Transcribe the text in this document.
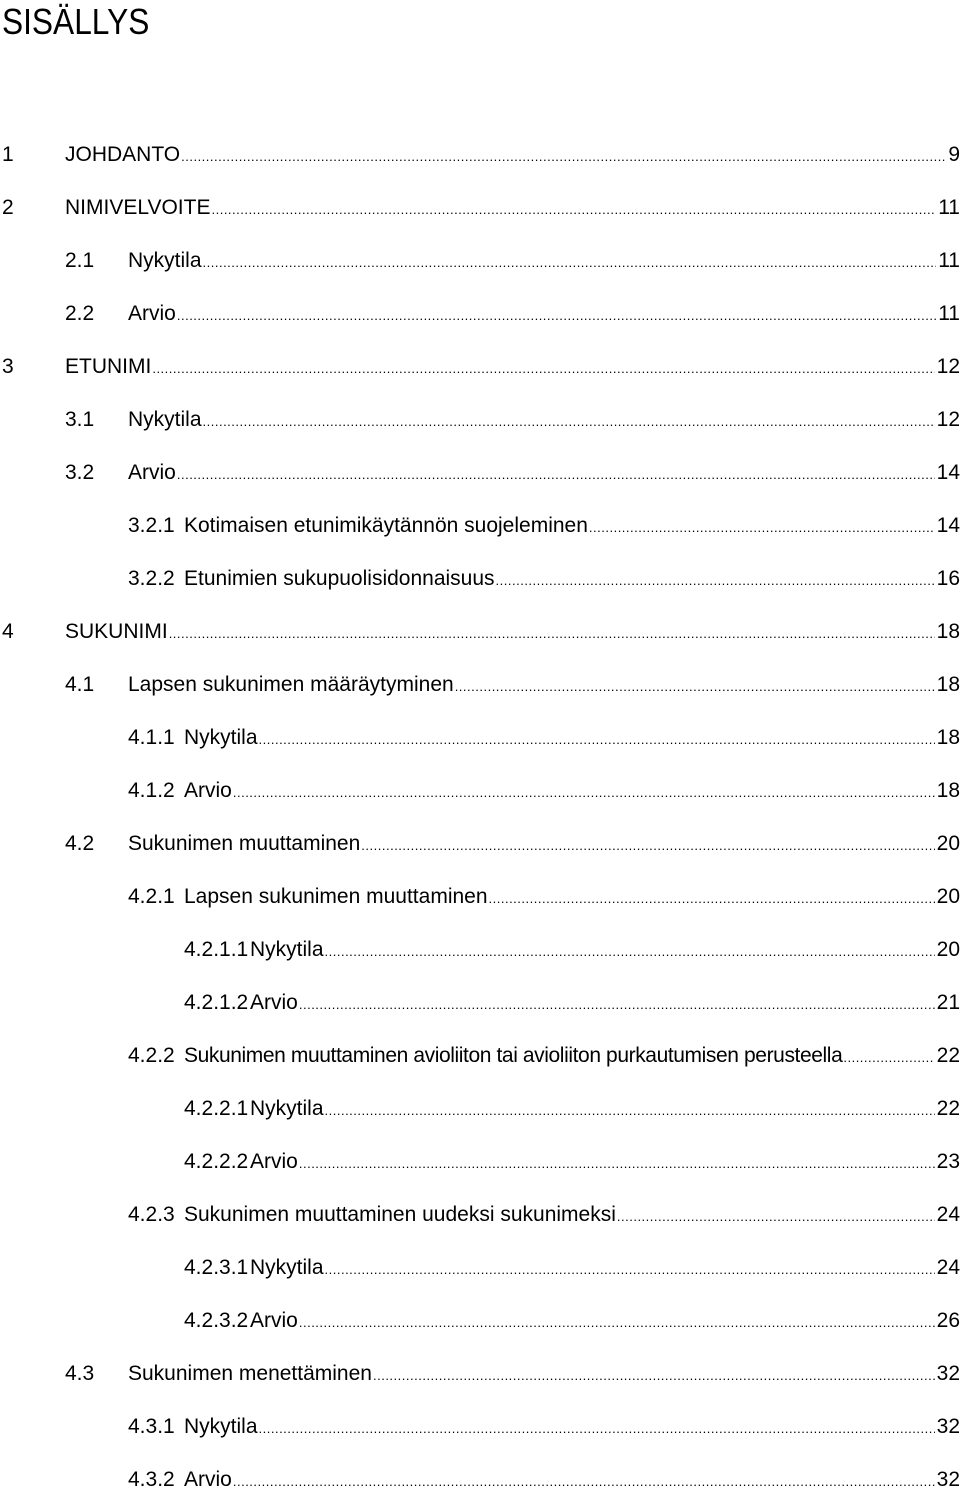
SISÄLLYS
1 JOHDANTO .....	9
2 NIMIVELVOITE .....	11
2.1 Nykytila .....	11
2.2 Arvio .....	11
3 ETUNIMI .....	12
3.1 Nykytila .....	12
3.2 Arvio .....	14
3.2.1 Kotimaisen etunimikäytännön suojeleminen .....	14
3.2.2 Etunimien sukupuolisidonnaisuus .....	16
4 SUKUNIMI .....	18
4.1 Lapsen sukunimen määräytyminen .....	18
4.1.1 Nykytila .....	18
4.1.2 Arvio .....	18
4.2 Sukunimen muuttaminen .....	20
4.2.1 Lapsen sukunimen muuttaminen .....	20
4.2.1.1 Nykytila .....	20
4.2.1.2 Arvio .....	21
4.2.2 Sukunimen muuttaminen avioliiton tai avioliiton purkautumisen perusteella .....	22
4.2.2.1 Nykytila .....	22
4.2.2.2 Arvio .....	23
4.2.3 Sukunimen muuttaminen uudeksi sukunimeksi .....	24
4.2.3.1 Nykytila .....	24
4.2.3.2 Arvio .....	26
4.3 Sukunimen menettäminen .....	32
4.3.1 Nykytila .....	32
4.3.2 Arvio .....	32
